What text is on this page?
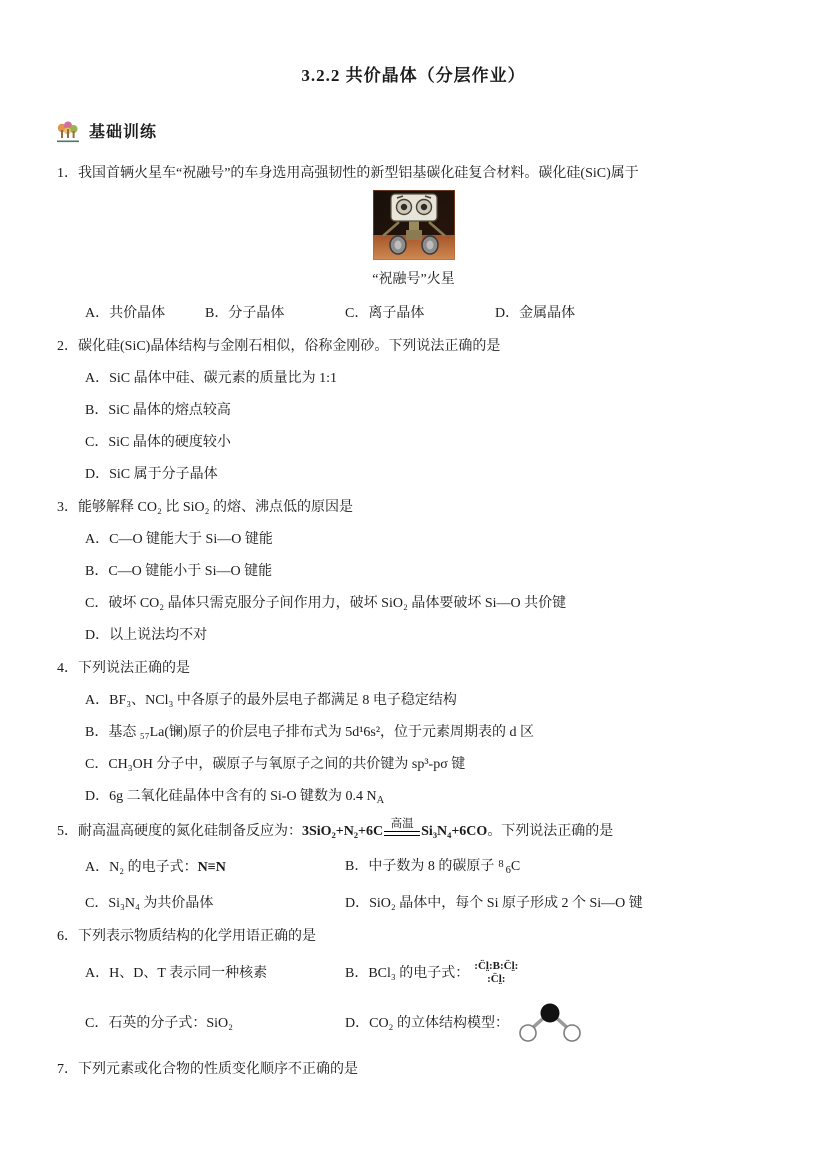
3.2.2 共价晶体（分层作业）
基础训练
1．我国首辆火星车“祝融号”的车身选用高强韧性的新型铝基碳化硅复合材料。碳化硅(SiC)属于
“祝融号”火星
A．共价晶体	B．分子晶体	C．离子晶体	D．金属晶体
2．碳化硅(SiC)晶体结构与金刚石相似，俗称金刚砂。下列说法正确的是
A．SiC 晶体中硅、碳元素的质量比为 1:1
B．SiC 晶体的熔点较高
C．SiC 晶体的硬度较小
D．SiC 属于分子晶体
3．能够解释 CO₂ 比 SiO₂ 的熔、沸点低的原因是
A．C—O 键能大于 Si—O 键能
B．C—O 键能小于 Si—O 键能
C．破坏 CO₂ 晶体只需克服分子间作用力，破坏 SiO₂ 晶体要破坏 Si—O 共价键
D．以上说法均不对
4．下列说法正确的是
A．BF₃、NCl₃ 中各原子的最外层电子都满足 8 电子稳定结构
B．基态 ₅₇La(镧)原子的价层电子排布式为 5d¹6s²，位于元素周期表的 d 区
C．CH₃OH 分子中，碳原子与氧原子之间的共价键为 sp³-pσ 键
D．6g 二氧化硅晶体中含有的 Si-O 键数为 0.4 $N_A$
5．耐高温高硬度的氮化硅制备反应为： 3SiO₂+N₂+6C
高温
Si₃N₄+6CO 。下列说法正确的是
A．N₂ 的电子式：N≡N	B．中子数为 8 的碳原子 $^8_6$C
C．Si₃N₄ 为共价晶体	D．SiO₂ 晶体中，每个 Si 原子形成 2 个 Si—O 键
6．下列表示物质结构的化学用语正确的是
A．H、D、T 表示同一种核素	B．BCl₃ 的电子式： :C̈l̤:B:C̈l̤:
:C̈l̤:
C．石英的分子式：SiO₂	D．CO₂ 的立体结构模型：
7．下列元素或化合物的性质变化顺序不正确的是
